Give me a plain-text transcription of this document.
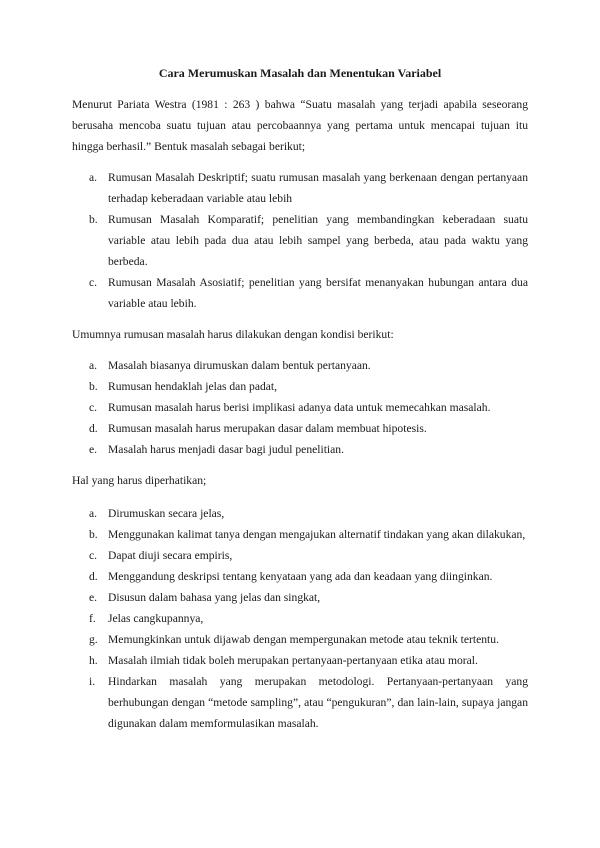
Cara Merumuskan Masalah dan Menentukan Variabel

Menurut Pariata Westra (1981 : 263 ) bahwa “Suatu masalah yang terjadi apabila seseorang berusaha mencoba suatu tujuan atau percobaannya yang pertama untuk mencapai tujuan itu hingga berhasil.” Bentuk masalah sebagai berikut;

a. Rumusan Masalah Deskriptif; suatu rumusan masalah yang berkenaan dengan pertanyaan terhadap keberadaan variable atau lebih
b. Rumusan Masalah Komparatif; penelitian yang membandingkan keberadaan suatu variable atau lebih pada dua atau lebih sampel yang berbeda, atau pada waktu yang berbeda.
c. Rumusan Masalah Asosiatif; penelitian yang bersifat menanyakan hubungan antara dua variable atau lebih.

Umumnya rumusan masalah harus dilakukan dengan kondisi berikut:

a. Masalah biasanya dirumuskan dalam bentuk pertanyaan.
b. Rumusan hendaklah jelas dan padat,
c. Rumusan masalah harus berisi implikasi adanya data untuk memecahkan masalah.
d. Rumusan masalah harus merupakan dasar dalam membuat hipotesis.
e. Masalah harus menjadi dasar bagi judul penelitian.

Hal yang harus diperhatikan;

a. Dirumuskan secara jelas,
b. Menggunakan kalimat tanya dengan mengajukan alternatif tindakan yang akan dilakukan,
c. Dapat diuji secara empiris,
d. Menggandung deskripsi tentang kenyataan yang ada dan keadaan yang diinginkan.
e. Disusun dalam bahasa yang jelas dan singkat,
f. Jelas cangkupannya,
g. Memungkinkan untuk dijawab dengan mempergunakan metode atau teknik tertentu.
h. Masalah ilmiah tidak boleh merupakan pertanyaan-pertanyaan etika atau moral.
i. Hindarkan masalah yang merupakan metodologi. Pertanyaan-pertanyaan yang berhubungan dengan “metode sampling”, atau “pengukuran”, dan lain-lain, supaya jangan digunakan dalam memformulasikan masalah.
